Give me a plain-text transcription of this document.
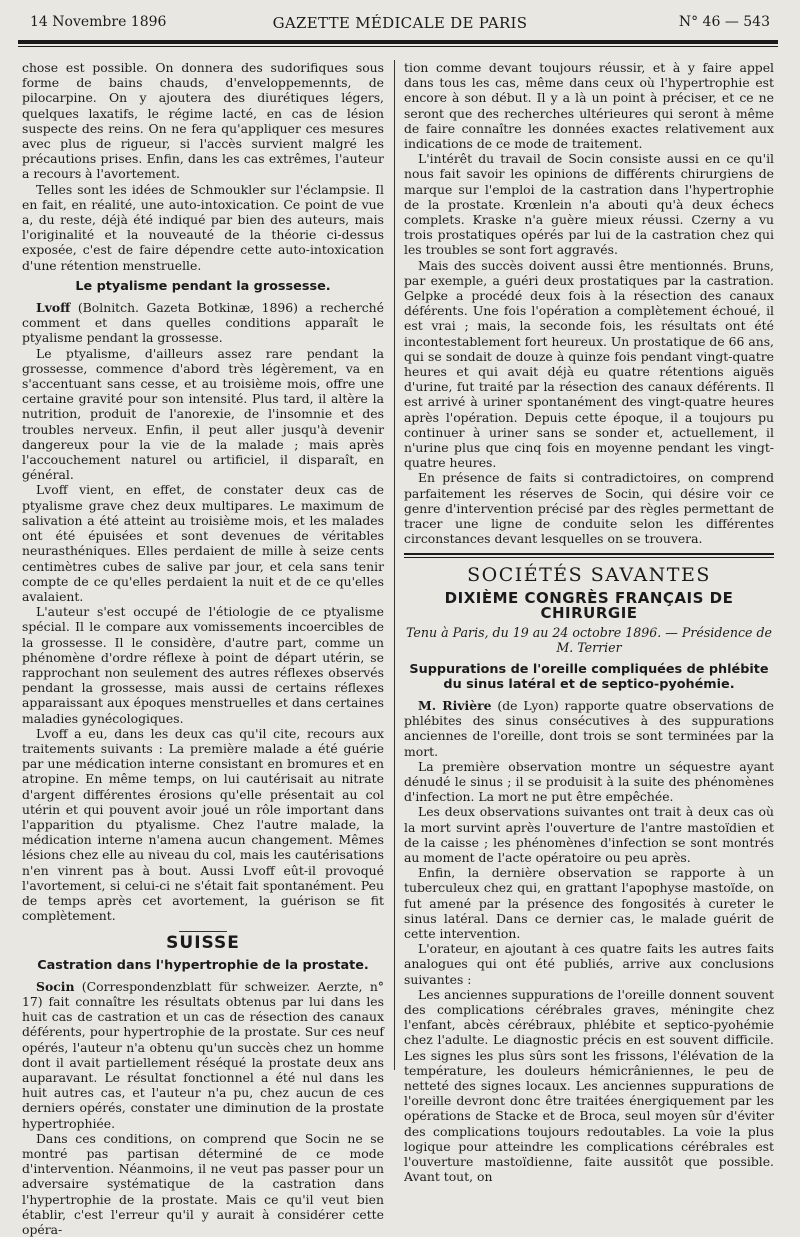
14 Novembre 1896	GAZETTE MÉDICALE DE PARIS	N° 46 — 543

chose est possible. On donnera des sudorifiques sous forme de bains chauds, d'enveloppemennts, de pilocarpine. On y ajoutera des diurétiques légers, quelques laxatifs, le régime lacté, en cas de lésion suspecte des reins. On ne fera qu'appliquer ces mesures avec plus de rigueur, si l'accès survient malgré les précautions prises. Enfin, dans les cas extrêmes, l'auteur a recours à l'avortement.

Telles sont les idées de Schmoukler sur l'éclampsie. Il en fait, en réalité, une auto-intoxication. Ce point de vue a, du reste, déjà été indiqué par bien des auteurs, mais l'originalité et la nouveauté de la théorie ci-dessus exposée, c'est de faire dépendre cette auto-intoxication d'une rétention menstruelle.

Le ptyalisme pendant la grossesse.

Lvoff (Bolnitch. Gazeta Botkinæ, 1896) a recherché comment et dans quelles conditions apparaît le ptyalisme pendant la grossesse.

Le ptyalisme, d'ailleurs assez rare pendant la grossesse, commence d'abord très légèrement, va en s'accentuant sans cesse, et au troisième mois, offre une certaine gravité pour son intensité. Plus tard, il altère la nutrition, produit de l'anorexie, de l'insomnie et des troubles nerveux. Enfin, il peut aller jusqu'à devenir dangereux pour la vie de la malade ; mais après l'accouchement naturel ou artificiel, il disparaît, en général.

Lvoff vient, en effet, de constater deux cas de ptyalisme grave chez deux multipares. Le maximum de salivation a été atteint au troisième mois, et les malades ont été épuisées et sont devenues de véritables neurasthéniques. Elles perdaient de mille à seize cents centimètres cubes de salive par jour, et cela sans tenir compte de ce qu'elles perdaient la nuit et de ce qu'elles avalaient.

L'auteur s'est occupé de l'étiologie de ce ptyalisme spécial. Il le compare aux vomissements incoercibles de la grossesse. Il le considère, d'autre part, comme un phénomène d'ordre réflexe à point de départ utérin, se rapprochant non seulement des autres réflexes observés pendant la grossesse, mais aussi de certains réflexes apparaissant aux époques menstruelles et dans certaines maladies gynécologiques.

Lvoff a eu, dans les deux cas qu'il cite, recours aux traitements suivants : La première malade a été guérie par une médication interne consistant en bromures et en atropine. En même temps, on lui cautérisait au nitrate d'argent différentes érosions qu'elle présentait au col utérin et qui pouvent avoir joué un rôle important dans l'apparition du ptyalisme. Chez l'autre malade, la médication interne n'amena aucun changement. Mêmes lésions chez elle au niveau du col, mais les cautérisations n'en vinrent pas à bout. Aussi Lvoff eût-il provoqué l'avortement, si celui-ci ne s'était fait spontanément. Peu de temps après cet avortement, la guérison se fit complètement.

SUISSE
Castration dans l'hypertrophie de la prostate.

Socin (Correspondenzblatt für schweizer. Aerzte, n° 17) fait connaître les résultats obtenus par lui dans les huit cas de castration et un cas de résection des canaux déférents, pour hypertrophie de la prostate. Sur ces neuf opérés, l'auteur n'a obtenu qu'un succès chez un homme dont il avait partiellement réséqué la prostate deux ans auparavant. Le résultat fonctionnel a été nul dans les huit autres cas, et l'auteur n'a pu, chez aucun de ces derniers opérés, constater une diminution de la prostate hypertrophiée.

Dans ces conditions, on comprend que Socin ne se montré pas partisan déterminé de ce mode d'intervention. Néanmoins, il ne veut pas passer pour un adversaire systématique de la castration dans l'hypertrophie de la prostate. Mais ce qu'il veut bien établir, c'est l'erreur qu'il y aurait à considérer cette opéra-

tion comme devant toujours réussir, et à y faire appel dans tous les cas, même dans ceux où l'hypertrophie est encore à son début. Il y a là un point à préciser, et ce ne seront que des recherches ultérieures qui seront à même de faire connaître les données exactes relativement aux indications de ce mode de traitement.

L'intérêt du travail de Socin consiste aussi en ce qu'il nous fait savoir les opinions de différents chirurgiens de marque sur l'emploi de la castration dans l'hypertrophie de la prostate. Krœnlein n'a abouti qu'à deux échecs complets. Kraske n'a guère mieux réussi. Czerny a vu trois prostatiques opérés par lui de la castration chez qui les troubles se sont fort aggravés.

Mais des succès doivent aussi être mentionnés. Bruns, par exemple, a guéri deux prostatiques par la castration. Gelpke a procédé deux fois à la résection des canaux déférents. Une fois l'opération a complètement échoué, il est vrai ; mais, la seconde fois, les résultats ont été incontestablement fort heureux. Un prostatique de 66 ans, qui se sondait de douze à quinze fois pendant vingt-quatre heures et qui avait déjà eu quatre rétentions aiguës d'urine, fut traité par la résection des canaux déférents. Il est arrivé à uriner spontanément des vingt-quatre heures après l'opération. Depuis cette époque, il a toujours pu continuer à uriner sans se sonder et, actuellement, il n'urine plus que cinq fois en moyenne pendant les vingt-quatre heures.

En présence de faits si contradictoires, on comprend parfaitement les réserves de Socin, qui désire voir ce genre d'intervention précisé par des règles permettant de tracer une ligne de conduite selon les différentes circonstances devant lesquelles on se trouvera.

SOCIÉTÉS SAVANTES
DIXIÈME CONGRÈS FRANÇAIS DE CHIRURGIE
Tenu à Paris, du 19 au 24 octobre 1896. — Présidence de M. Terrier
Suppurations de l'oreille compliquées de phlébite du sinus latéral et de septico-pyohémie.

M. Rivière (de Lyon) rapporte quatre observations de phlébites des sinus consécutives à des suppurations anciennes de l'oreille, dont trois se sont terminées par la mort.

La première observation montre un séquestre ayant dénudé le sinus ; il se produisit à la suite des phénomènes d'infection. La mort ne put être empêchée.

Les deux observations suivantes ont trait à deux cas où la mort survint après l'ouverture de l'antre mastoïdien et de la caisse ; les phénomènes d'infection se sont montrés au moment de l'acte opératoire ou peu après.

Enfin, la dernière observation se rapporte à un tuberculeux chez qui, en grattant l'apophyse mastoïde, on fut amené par la présence des fongosités à cureter le sinus latéral. Dans ce dernier cas, le malade guérit de cette intervention.

L'orateur, en ajoutant à ces quatre faits les autres faits analogues qui ont été publiés, arrive aux conclusions suivantes :

Les anciennes suppurations de l'oreille donnent souvent des complications cérébrales graves, méningite chez l'enfant, abcès cérébraux, phlébite et septico-pyohémie chez l'adulte. Le diagnostic précis en est souvent difficile. Les signes les plus sûrs sont les frissons, l'élévation de la température, les douleurs hémicrâniennes, le peu de netteté des signes locaux. Les anciennes suppurations de l'oreille devront donc être traitées énergiquement par les opérations de Stacke et de Broca, seul moyen sûr d'éviter des complications toujours redoutables. La voie la plus logique pour atteindre les complications cérébrales est l'ouverture mastoïdienne, faite aussitôt que possible. Avant tout, on
